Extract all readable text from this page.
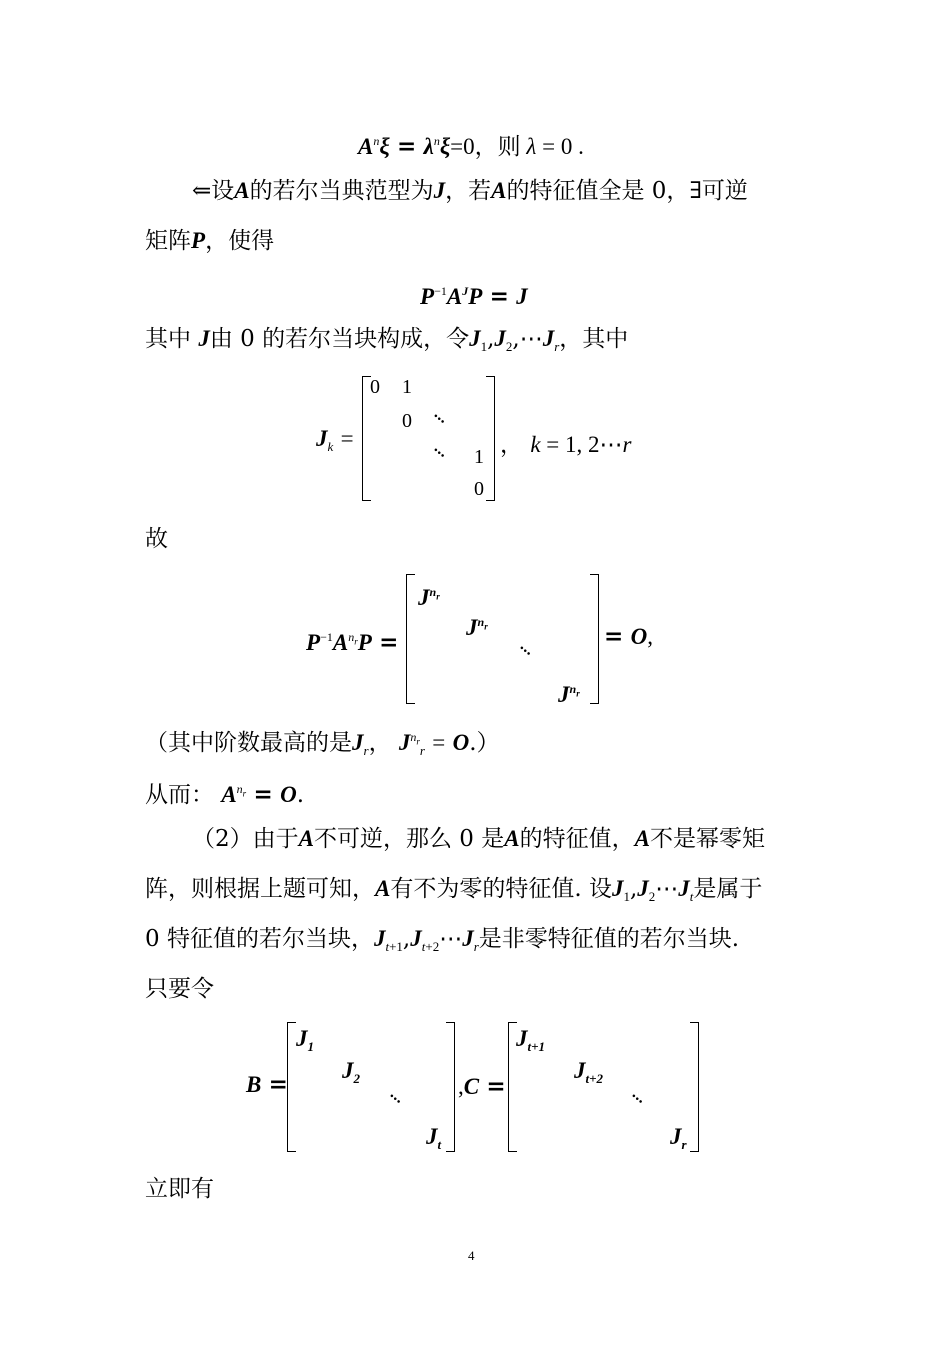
$A^n\xi = \lambda^n\xi=0$，则 λ = 0 .
⇐设A的若尔当典范型为J，若A的特征值全是 0，∃可逆
矩阵P，使得
$P^{-1}A^JP = J$
其中 J由 0 的若尔当块构成，令$J_1,J_2,\cdots J_r$，其中
$J_k$ =
0 1
0 ···
··· 1
0
， k = 1, 2⋯r
故
$P^{-1}A^{n_r}P$ =
$J^{n_r}$
$J^{n_r}$
···
$J^{n_r}$
= O,
（其中阶数最高的是$J_r$， $J^{n_r}_r = O$.）
从而： $A^{n_r} = O$.
（2）由于A不可逆，那么 0 是A的特征值，A不是幂零矩
阵，则根据上题可知，A有不为零的特征值. 设$J_1,J_2\cdots J_t$是属于
0 特征值的若尔当块，$J_{t+1},J_{t+2}\cdots J_r$是非零特征值的若尔当块.
只要令
B =
$J_1$
$J_2$
···
$J_t$
,C =
$J_{t+1}$
$J_{t+2}$
···
$J_r$
立即有
4
